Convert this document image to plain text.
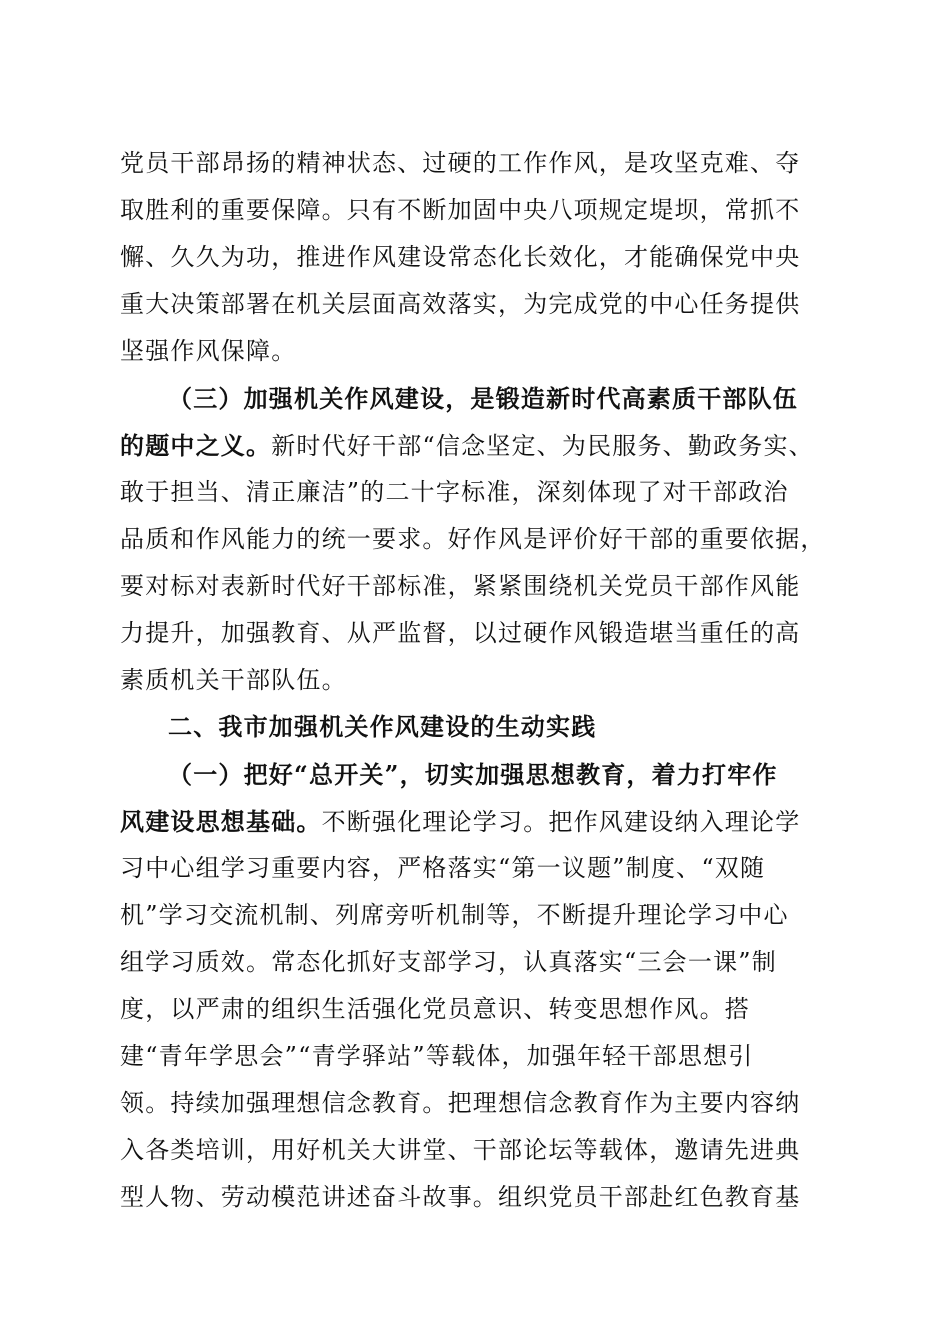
党员干部昂扬的精神状态、过硬的工作作风，是攻坚克难、夺
取胜利的重要保障。只有不断加固中央八项规定堤坝，常抓不
懈、久久为功，推进作风建设常态化长效化，才能确保党中央
重大决策部署在机关层面高效落实，为完成党的中心任务提供
坚强作风保障。
（三）加强机关作风建设，是锻造新时代高素质干部队伍
的题中之义。新时代好干部“信念坚定、为民服务、勤政务实、
敢于担当、清正廉洁”的二十字标准，深刻体现了对干部政治
品质和作风能力的统一要求。好作风是评价好干部的重要依据，
要对标对表新时代好干部标准，紧紧围绕机关党员干部作风能
力提升，加强教育、从严监督，以过硬作风锻造堪当重任的高
素质机关干部队伍。
二、我市加强机关作风建设的生动实践
（一）把好“总开关”，切实加强思想教育，着力打牢作
风建设思想基础。不断强化理论学习。把作风建设纳入理论学
习中心组学习重要内容，严格落实“第一议题”制度、“双随
机”学习交流机制、列席旁听机制等，不断提升理论学习中心
组学习质效。常态化抓好支部学习，认真落实“三会一课”制
度，以严肃的组织生活强化党员意识、转变思想作风。搭
建“青年学思会”“青学驿站”等载体，加强年轻干部思想引
领。持续加强理想信念教育。把理想信念教育作为主要内容纳
入各类培训，用好机关大讲堂、干部论坛等载体，邀请先进典
型人物、劳动模范讲述奋斗故事。组织党员干部赴红色教育基
